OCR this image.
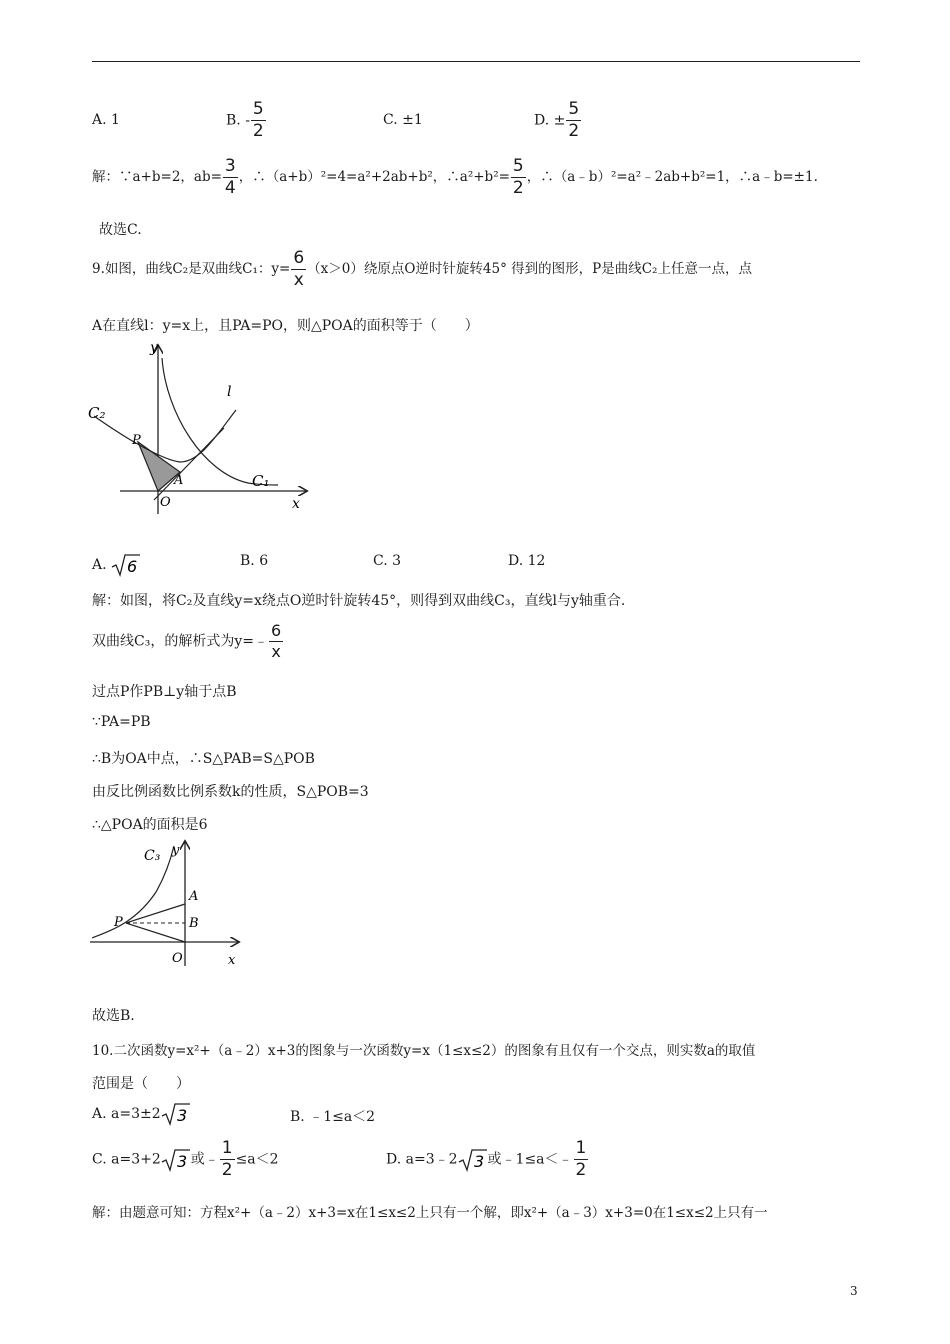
A. 1	B. - $\frac{5}{2}$	C. ±1	D. ± $\frac{5}{2}$
解：∵a+b=2，$ab= \frac{3}{4}$ ，∴（a+b）²=4=a²+2ab+b²，∴a²+b²= $\frac{5}{2}$ ，∴（a﹣b）²=a²﹣2ab+b²=1，∴a﹣b=±1.
故选C.
9.如图，曲线C₂是双曲线C₁：$y= \frac{6}{x} (x>0)$绕原点O逆时针旋转45° 得到的图形，P是曲线C₂上任意一点，点
A在直线l：y=x上，且PA=PO，则△POA的面积等于（　　）
y
x
C₂
C₁
P
A
O
l
A. 6	B. 6	C. 3	D. 12
解：如图，将C₂及直线y=x绕点O逆时针旋转45°，则得到双曲线C₃，直线l与y轴重合.
双曲线C₃，的解析式为y=﹣ $\frac{6}{x}$
过点P作PB⊥y轴于点B
∵PA=PB
∴B为OA中点，∴S△PAB=S△POB
由反比例函数比例系数k的性质，S△POB=3
∴△POA的面积是6
C₃ y
A
B
P
O	x
故选B.
10.二次函数y=x²+（a﹣2）x+3的图象与一次函数y=x（1≤x≤2）的图象有且仅有一个交点，则实数a的取值
范围是（　　）
A. a=3±2 3	B. ﹣1≤a＜2
C. a=3+2 3 或﹣ $\frac{1}{2} \le a<2$	D. a=3﹣2 3 或﹣1≤a＜﹣ $\frac{1}{2}$
解：由题意可知：方程x²+（a﹣2）x+3=x在1≤x≤2上只有一个解，即x²+（a﹣3）x+3=0在1≤x≤2上只有一
3
